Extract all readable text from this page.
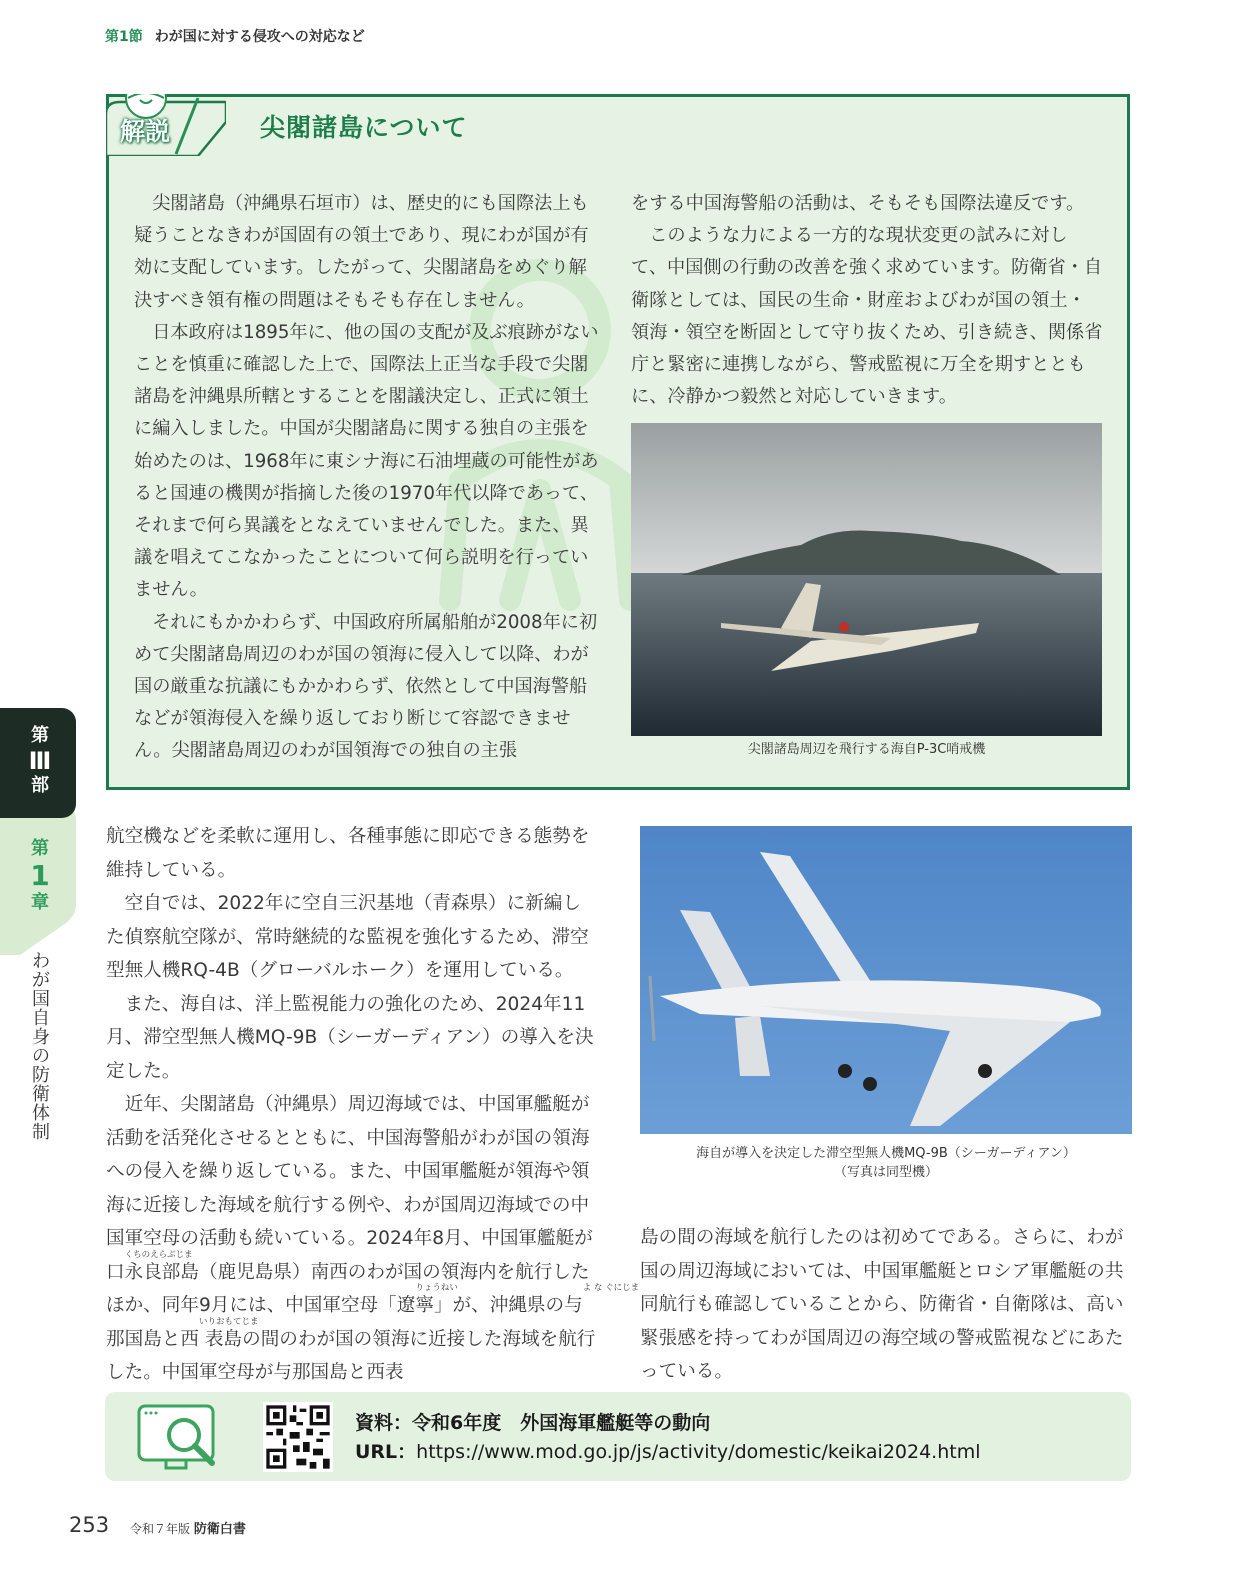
第1節 わが国に対する侵攻への対応など
解説	尖閣諸島について

尖閣諸島（沖縄県石垣市）は、歴史的にも国際法上も疑うことなきわが国固有の領土であり、現にわが国が有効に支配しています。したがって、尖閣諸島をめぐり解決すべき領有権の問題はそもそも存在しません。

日本政府は1895年に、他の国の支配が及ぶ痕跡がないことを慎重に確認した上で、国際法上正当な手段で尖閣諸島を沖縄県所轄とすることを閣議決定し、正式に領土に編入しました。中国が尖閣諸島に関する独自の主張を始めたのは、1968年に東シナ海に石油埋蔵の可能性があると国連の機関が指摘した後の1970年代以降であって、それまで何ら異議をとなえていませんでした。また、異議を唱えてこなかったことについて何ら説明を行っていません。

それにもかかわらず、中国政府所属船舶が2008年に初めて尖閣諸島周辺のわが国の領海に侵入して以降、わが国の厳重な抗議にもかかわらず、依然として中国海警船などが領海侵入を繰り返しており断じて容認できません。尖閣諸島周辺のわが国領海での独自の主張

をする中国海警船の活動は、そもそも国際法違反です。

このような力による一方的な現状変更の試みに対して、中国側の行動の改善を強く求めています。防衛省・自衛隊としては、国民の生命・財産およびわが国の領土・領海・領空を断固として守り抜くため、引き続き、関係省庁と緊密に連携しながら、警戒監視に万全を期すとともに、冷静かつ毅然と対応していきます。

尖閣諸島周辺を飛行する海自P-3C哨戒機
第
Ⅲ
部
第
1
章
わが国自身の防衛体制

航空機などを柔軟に運用し、各種事態に即応できる態勢を維持している。

空自では、2022年に空自三沢基地（青森県）に新編した偵察航空隊が、常時継続的な監視を強化するため、滞空型無人機RQ-4B（グローバルホーク）を運用している。

また、海自は、洋上監視能力の強化のため、2024年11月、滞空型無人機MQ-9B（シーガーディアン）の導入を決定した。

近年、尖閣諸島（沖縄県）周辺海域では、中国軍艦艇が活動を活発化させるとともに、中国海警船がわが国の領海への侵入を繰り返している。また、中国軍艦艇が領海や領海に近接した海域を航行する例や、わが国周辺海域での中国軍空母の活動も続いている。2024年8月、中国軍艦艇が
くちのえらぶじま
口永良部島（鹿児島県）南西のわが国の領海内を航行したほか、同年9月には、中国軍空母「
りょうねい
遼寧」が、沖縄県の
よ な ぐにじま
与那国島と
いりおもてじま
西 表島の間のわが国の領海に近接した海域を航行した。中国軍空母が与那国島と西表

海自が導入を決定した滞空型無人機MQ-9B（シーガーディアン）
（写真は同型機）

島の間の海域を航行したのは初めてである。さらに、わが国の周辺海域においては、中国軍艦艇とロシア軍艦艇の共同航行も確認していることから、防衛省・自衛隊は、高い緊張感を持ってわが国周辺の海空域の警戒監視などにあたっている。

資料：令和6年度　外国海軍艦艇等の動向
URL：https://www.mod.go.jp/js/activity/domestic/keikai2024.html
253 令和７年版 防衛白書
